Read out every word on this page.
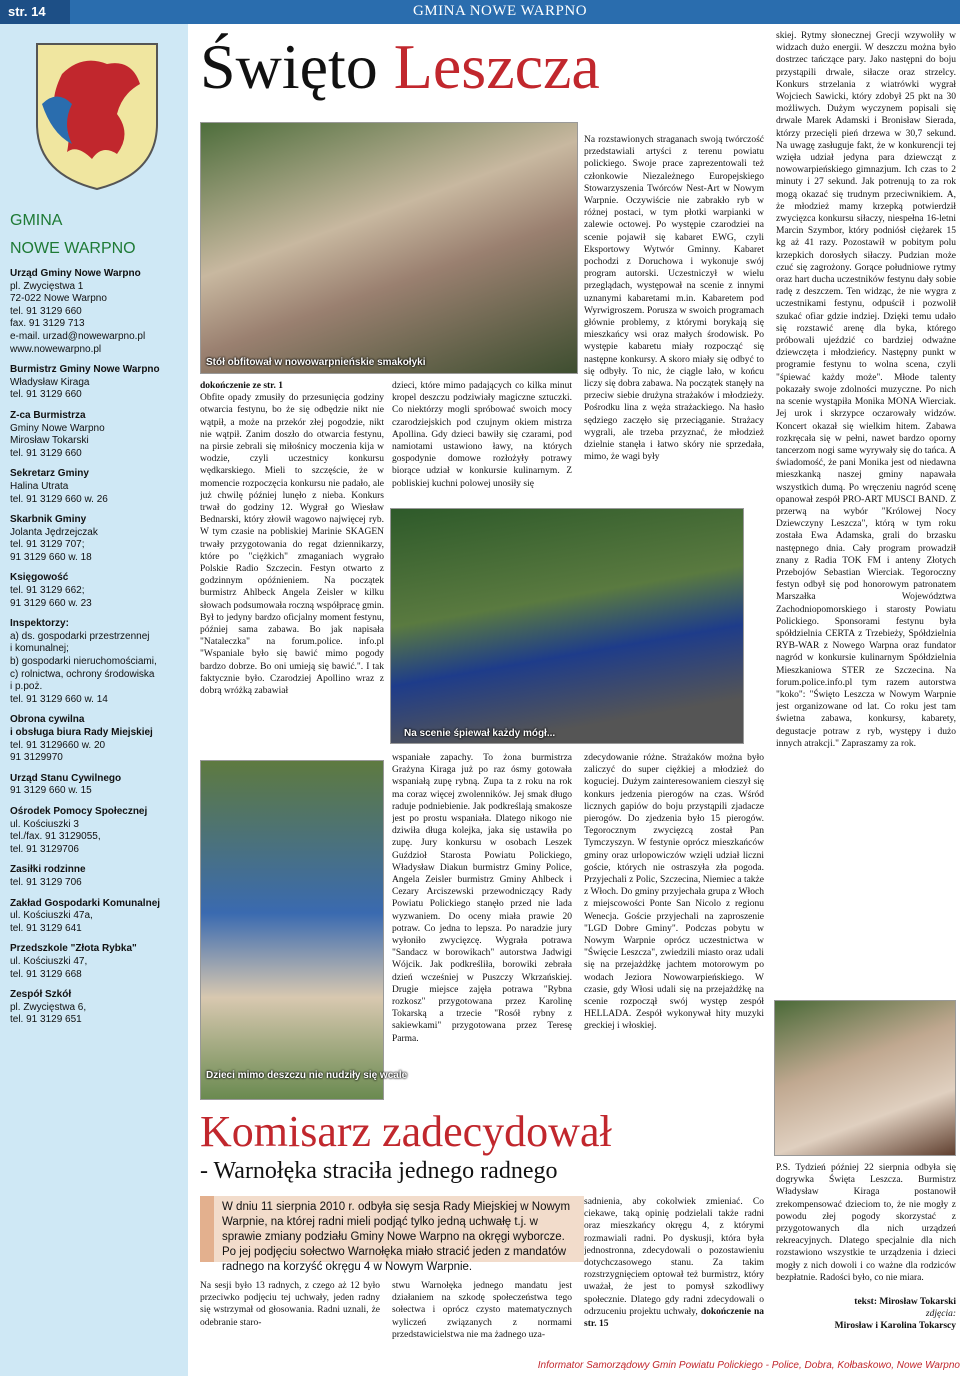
str. 14	GMINA NOWE WARPNO
GMINA
NOWE WARPNO
Urząd Gminy Nowe Warpno
pl. Zwycięstwa 1
72-022 Nowe Warpno
tel. 91 3129 660
fax. 91 3129 713
e-mail. urzad@nowewarpno.pl
www.nowewarpno.pl
Burmistrz Gminy Nowe Warpno
Władysław Kiraga
tel. 91 3129 660
Z-ca Burmistrza
Gminy Nowe Warpno
Mirosław Tokarski
tel. 91 3129 660
Sekretarz Gminy
Halina Utrata
tel. 91 3129 660 w. 26
Skarbnik Gminy
Jolanta Jędrzejczak
tel. 91 3129 707;
91 3129 660 w. 18
Księgowość
tel. 91 3129 662;
91 3129 660 w. 23
Inspektorzy:
a) ds. gospodarki przestrzennej
i komunalnej;
b) gospodarki nieruchomościami,
c) rolnictwa, ochrony środowiska
i p.poż.
tel. 91 3129 660 w. 14
Obrona cywilna
i obsługa biura Rady Miejskiej
tel. 91 3129660 w. 20
91 3129970
Urząd Stanu Cywilnego
91 3129 660 w. 15
Ośrodek Pomocy Społecznej
ul. Kościuszki 3
tel./fax. 91 3129055,
tel. 91 3129706
Zasiłki rodzinne
tel. 91 3129 706
Zakład Gospodarki Komunalnej
ul. Kościuszki 47a,
tel. 91 3129 641
Przedszkole "Złota Rybka"
ul. Kościuszki 47,
tel. 91 3129 668
Zespół Szkół
pl. Zwycięstwa 6,
tel. 91 3129 651
Święto Leszcza
Stół obfitował w nowowarpnieńskie smakołyki
Na scenie śpiewał każdy mógł...
Dzieci mimo deszczu nie nudziły się wcale
dokończenie ze str. 1
Obfite opady zmusiły do przesunięcia godziny otwarcia festynu, bo że się odbędzie nikt nie wątpił, a może na przekór złej pogodzie, nikt nie wątpił. Zanim doszło do otwarcia festynu, na pirsie zebrali się miłośnicy moczenia kija w wodzie, czyli uczestnicy konkursu wędkarskiego. Mieli to szczęście, że w momencie rozpoczęcia konkursu nie padało, ale już chwilę później lunęło z nieba. Konkurs trwał do godziny 12. Wygrał go Wiesław Bednarski, który złowił wagowo najwięcej ryb. W tym czasie na pobliskiej Marinie SKAGEN trwały przygotowania do regat dziennikarzy, które po "ciężkich" zmaganiach wygrało Polskie Radio Szczecin. Festyn otwarto z godzinnym opóźnieniem. Na początek burmistrz Ahlbeck Angela Zeisler w kilku słowach podsumowała roczną współpracę gmin. Był to jedyny bardzo oficjalny moment festynu, później sama zabawa. Bo jak napisała "Nataleczka" na forum.police. info.pl "Wspaniale było się bawić mimo pogody bardzo dobrze. Bo oni umieją się bawić.". I tak faktycznie było. Czarodziej Apollino wraz z dobrą wróżką zabawiał
dzieci, które mimo padających co kilka minut kropel deszczu podziwiały magiczne sztuczki. Co niektórzy mogli spróbować swoich mocy czarodziejskich pod czujnym okiem mistrza Apollina. Gdy dzieci bawiły się czarami, pod namiotami ustawiono ławy, na których gospodynie domowe rozłożyły potrawy biorące udział w konkursie kulinarnym. Z pobliskiej kuchni polowej unosiły się
wspaniałe zapachy. To żona burmistrza Grażyna Kiraga już po raz ósmy gotowała wspaniałą zupę rybną. Zupa ta z roku na rok ma coraz więcej zwolenników. Jej smak długo raduje podniebienie. Jak podkreślają smakosze jest po prostu wspaniała. Dlatego nikogo nie dziwiła długa kolejka, jaka się ustawiła po zupę. Jury konkursu w osobach Leszek Guździoł Starosta Powiatu Polickiego, Władysław Diakun burmistrz Gminy Police, Angela Zeisler burmistrz Gminy Ahlbeck i Cezary Arciszewski przewodniczący Rady Powiatu Polickiego stanęło przed nie lada wyzwaniem. Do oceny miała prawie 20 potraw. Co jedna to lepsza. Po naradzie jury wyłoniło zwycięzcę. Wygrała potrawa "Sandacz w borowikach" autorstwa Jadwigi Wójcik. Jak podkreśliła, borowiki zebrała dzień wcześniej w Puszczy Wkrzańskiej. Drugie miejsce zajęła potrawa "Rybna rozkosz" przygotowana przez Karolinę Tokarską a trzecie "Rosół rybny z sakiewkami" przygotowana przez Teresę Parma.
Na rozstawionych straganach swoją twórczość przedstawiali artyści z terenu powiatu polickiego. Swoje prace zaprezentowali też członkowie Niezależnego Europejskiego Stowarzyszenia Twórców Nest-Art w Nowym Warpnie. Oczywiście nie zabrakło ryb w różnej postaci, w tym płotki warpianki w zalewie octowej. Po występie czarodziei na scenie pojawił się kabaret EWG, czyli Eksportowy Wytwór Gminny. Kabaret pochodzi z Doruchowa i wykonuje swój program autorski. Uczestniczył w wielu przeglądach, występował na scenie z innymi uznanymi kabaretami m.in. Kabaretem pod Wyrwigroszem. Porusza w swoich programach głównie problemy, z którymi borykają się mieszkańcy wsi oraz małych środowisk. Po występie kabaretu miały rozpocząć się następne konkursy. A skoro miały się odbyć to się odbyły. To nic, że ciągle lało, w końcu liczy się dobra zabawa. Na początek stanęły na przeciw siebie drużyna strażaków i młodzieży. Pośrodku lina z węża strażackiego. Na hasło sędziego zaczęło się przeciąganie. Strażacy wygrali, ale trzeba przyznać, że młodzież dzielnie stanęła i łatwo skóry nie sprzedała, mimo, że wagi były
zdecydowanie różne. Strażaków można było zaliczyć do super ciężkiej a młodzież do koguciej. Dużym zainteresowaniem cieszył się konkurs jedzenia pierogów na czas. Wśród licznych gapiów do boju przystąpili zjadacze pierogów. Do zjedzenia było 15 pierogów. Tegorocznym zwycięzcą został Pan Tymczyszyn. W festynie oprócz mieszkańców gminy oraz urlopowiczów wzięli udział liczni goście, których nie ostraszyła zła pogoda. Przyjechali z Polic, Szczecina, Niemiec a także z Włoch. Do gminy przyjechała grupa z Włoch z miejscowości Ponte San Nicolo z regionu Wenecja. Goście przyjechali na zaproszenie "LGD Dobre Gminy". Podczas pobytu w Nowym Warpnie oprócz uczestnictwa w "Święcie Leszcza", zwiedzili miasto oraz udali się na przejażdżkę jachtem motorowym po wodach Jeziora Nowowarpieńskiego. W czasie, gdy Włosi udali się na przejażdżkę na scenie rozpoczął swój występ zespół HELLADA. Zespół wykonywał hity muzyki greckiej i włoskiej.
skiej. Rytmy słonecznej Grecji wzywoliły w widzach dużo energii. W deszczu można było dostrzec tańczące pary. Jako następni do boju przystąpili drwale, siłacze oraz strzelcy. Konkurs strzelania z wiatrówki wygrał Wojciech Sawicki, który zdobył 25 pkt na 30 możliwych. Dużym wyczynem popisali się drwale Marek Adamski i Bronisław Sierada, którzy przecięli pień drzewa w 30,7 sekund. Na uwagę zasługuje fakt, że w konkurencji tej wzięła udział jedyna para dziewcząt z nowowarpieńskiego gimnazjum. Ich czas to 2 minuty i 27 sekund. Jak potrenują to za rok mogą okazać się trudnym przeciwnikiem. A, że młodzież mamy krzepką potwierdził zwycięzca konkursu siłaczy, niespełna 16-letni Marcin Szymbor, który podniósł ciężarek 15 kg aż 41 razy. Pozostawił w pobitym polu krzepkich dorosłych siłaczy. Pudzian może czuć się zagrożony. Gorące południowe rytmy oraz hart ducha uczestników festynu dały sobie radę z deszczem. Ten widząc, że nie wygra z uczestnikami festynu, odpuścił i pozwolił szukać ofiar gdzie indziej. Dzięki temu udało się rozstawić arenę dla byka, którego próbowali ujeździć co bardziej odważne dziewczęta i młodzieńcy. Następny punkt w programie festynu to wolna scena, czyli "śpiewać każdy może". Młode talenty pokazały swoje zdolności muzyczne. Po nich na scenie wystąpiła Monika MONA Wierciak. Jej urok i skrzypce oczarowały widzów. Koncert okazał się wielkim hitem. Zabawa rozkręcała się w pełni, nawet bardzo oporny tancerzom nogi same wyrywały się do tańca. A świadomość, że pani Monika jest od niedawna mieszkanką naszej gminy napawała wszystkich dumą. Po wręczeniu nagród scenę opanował zespół PRO-ART MUSCI BAND. Z przerwą na wybór "Królowej Nocy Dziewczyny Leszcza", którą w tym roku została Ewa Adamska, grali do brzasku następnego dnia. Cały program prowadził znany z Radia TOK FM i anteny Złotych Przebojów Sebastian Wierciak. Tegoroczny festyn odbył się pod honorowym patronatem Marszałka Województwa Zachodniopomorskiego i starosty Powiatu Polickiego. Sponsorami festynu była spółdzielnia CERTA z Trzebieży, Spółdzielnia RYB-WAR z Nowego Warpna oraz fundator nagród w konkursie kulinarnym Spółdzielnia Mieszkaniowa STER ze Szczecina. Na forum.police.info.pl tym razem autorstwa "koko": "Święto Leszcza w Nowym Warpnie jest organizowane od lat. Co roku jest tam świetna zabawa, konkursy, kabarety, degustacje potraw z ryb, występy i dużo innych atrakcji." Zapraszamy za rok.
Komisarz zadecydował
- Warnołęka straciła jednego radnego
W dniu 11 sierpnia 2010 r. odbyła się sesja Rady Miejskiej w Nowym Warpnie, na której radni mieli podjąć tylko jedną uchwałę t.j. w sprawie zmiany podziału Gminy Nowe Warpno na okręgi wyborcze. Po jej podjęciu sołectwo Warnołęka miało stracić jeden z mandatów radnego na korzyść okręgu 4 w Nowym Warpnie.
Na sesji było 13 radnych, z czego aż 12 było przeciwko podjęciu tej uchwały, jeden radny się wstrzymał od głosowania. Radni uznali, że odebranie staro-
stwu Warnołęka jednego mandatu jest działaniem na szkodę społeczeństwa tego sołectwa i oprócz czysto matematycznych wyliczeń związanych z normami przedstawicielstwa nie ma żadnego uza-
sadnienia, aby cokolwiek zmieniać. Co ciekawe, taką opinię podzielali także radni oraz mieszkańcy okręgu 4, z którymi rozmawiali radni. Po dyskusji, która była jednostronna, zdecydowali o pozostawieniu dotychczasowego stanu. Za takim rozstrzygnięciem optował też burmistrz, który uważał, że jest to pomysł szkodliwy społecznie. Dlatego gdy radni zdecydowali o odrzuceniu projektu uchwały, dokończenie na str. 15
P.S. Tydzień później 22 sierpnia odbyła się dogrywka Święta Leszcza. Burmistrz Władysław Kiraga postanowił zrekompensować dzieciom to, że nie mogły z powodu złej pogody skorzystać z przygotowanych dla nich urządzeń rekreacyjnych. Dlatego specjalnie dla nich rozstawiono wszystkie te urządzenia i dzieci mogły z nich dowoli i co ważne dla rodziców bezpłatnie. Radości było, co nie miara.
tekst: Mirosław Tokarski
zdjęcia:
Mirosław i Karolina Tokarscy
Informator Samorządowy Gmin Powiatu Polickiego - Police, Dobra, Kołbaskowo, Nowe Warpno
